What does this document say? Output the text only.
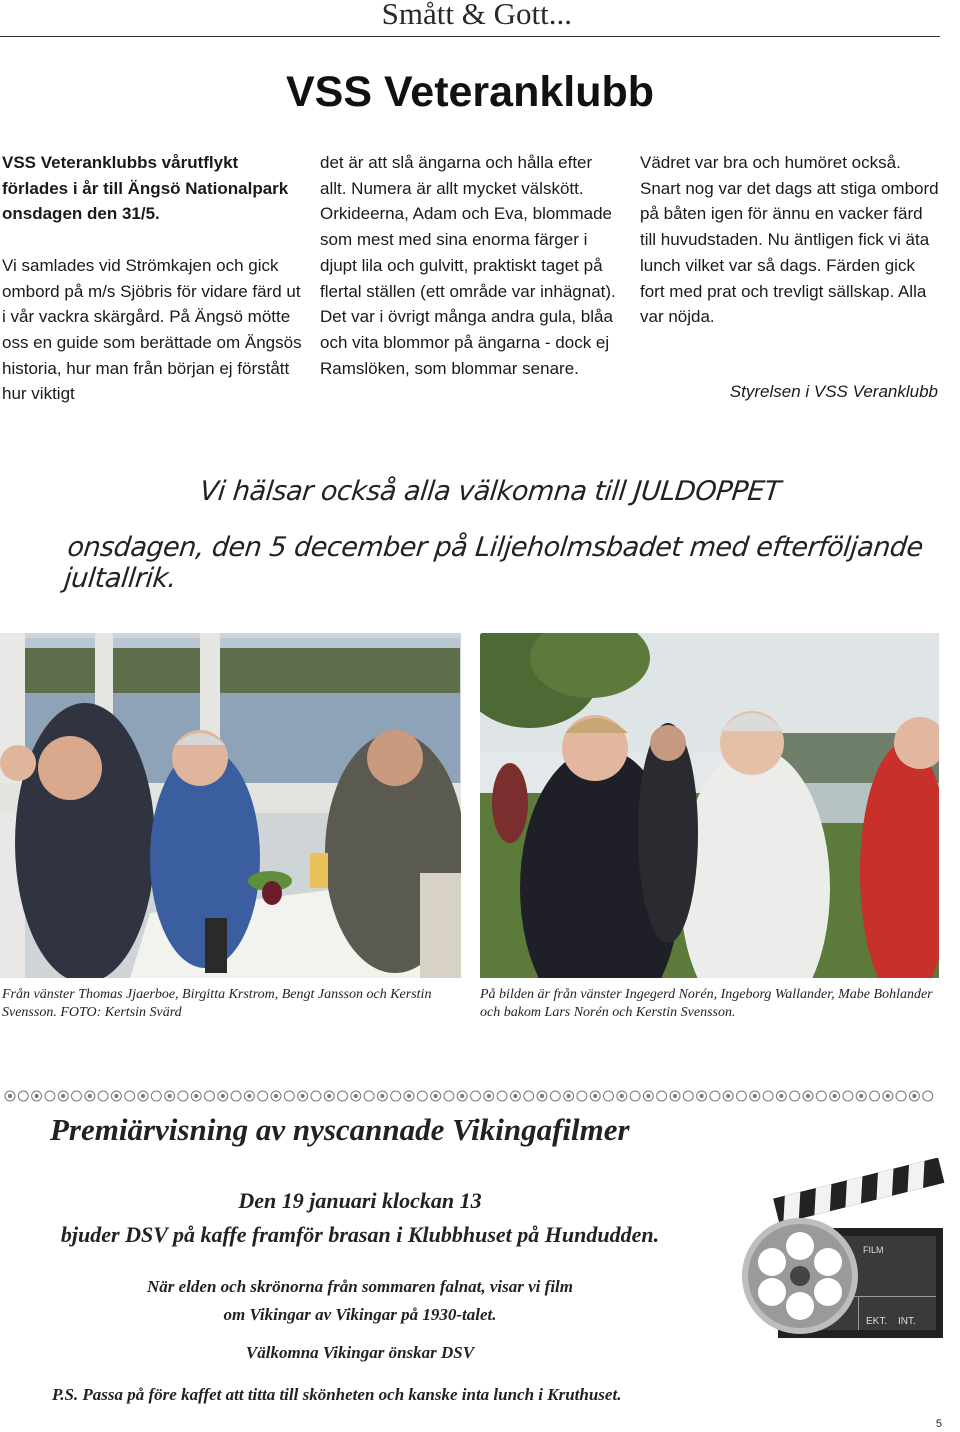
Smått & Gott...
VSS Veteranklubb

VSS Veteranklubbs vårutflykt förlades i år till Ängsö Nationalpark onsdagen den 31/5.

Vi samlades vid Strömkajen och gick ombord på m/s Sjöbris för vidare färd ut i vår vackra skärgård. På Ängsö mötte oss en guide som berättade om Ängsös historia, hur man från början ej förstått hur viktigt

det är att slå ängarna och hålla efter allt. Numera är allt mycket välskött. Orkideerna, Adam och Eva, blommade som mest med sina enorma färger i djupt lila och gulvitt, praktiskt taget på flertal ställen (ett område var inhägnat). Det var i övrigt många andra gula, blåa och vita blommor på ängarna - dock ej Ramslöken, som blommar senare.

Vädret var bra och humöret också. Snart nog var det dags att stiga ombord på båten igen för ännu en vacker färd till huvudstaden. Nu äntligen fick vi äta lunch vilket var så dags. Färden gick fort med prat och trevligt sällskap. Alla var nöjda.

Styrelsen i VSS Veranklubb
Vi hälsar också alla välkomna till JULDOPPET
onsdagen, den 5 december på Liljeholmsbadet med efterföljande jultallrik.
Från vänster Thomas Jjaerboe, Birgitta Krstrom, Bengt Jansson och Kerstin Svensson. FOTO: Kertsin Svärd
På bilden är från vänster Ingegerd Norén, Ingeborg Wallander, Mabe Bohlander och bakom Lars Norén och Kerstin Svensson.
Premiärvisning av nyscannade Vikingafilmer
Den 19 januari klockan 13
bjuder DSV på kaffe framför brasan i Klubbhuset på Hundudden.
När elden och skrönorna från sommaren falnat, visar vi film
om Vikingar av Vikingar på 1930-talet.
Välkomna Vikingar önskar DSV
P.S. Passa på före kaffet att titta till skönheten och kanske inta lunch i Kruthuset.
FILM
EKT. INT.
5
